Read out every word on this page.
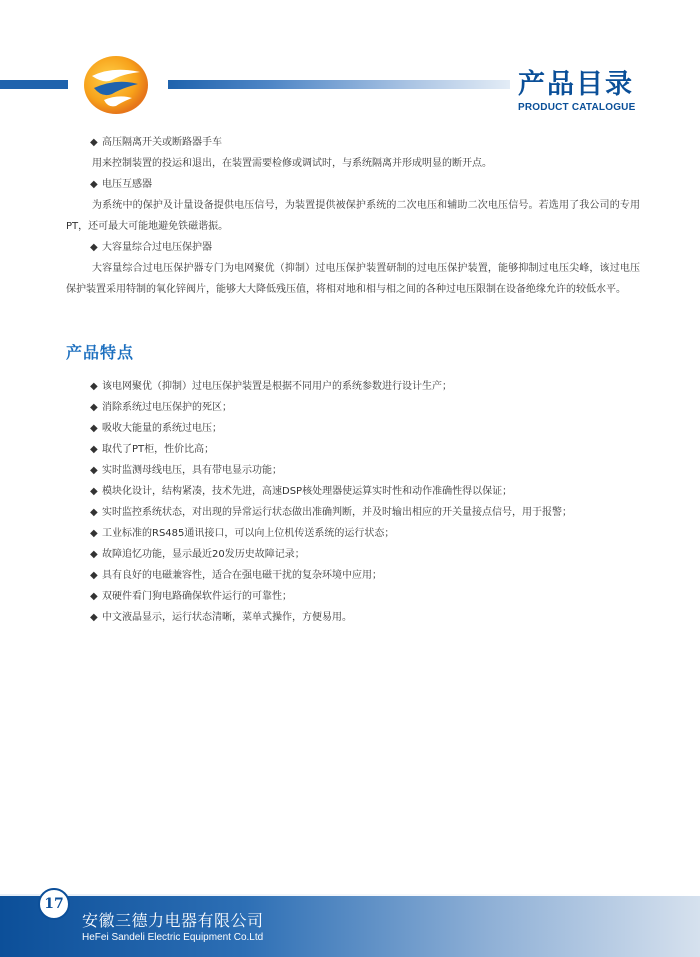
产品目录
PRODUCT CATALOGUE

◆ 高压隔离开关或断路器手车

用来控制装置的投运和退出，在装置需要检修或调试时，与系统隔离并形成明显的断开点。

◆ 电压互感器

为系统中的保护及计量设备提供电压信号，为装置提供被保护系统的二次电压和辅助二次电压信号。若选用了我公司的专用PT，还可最大可能地避免铁磁谐振。

◆ 大容量综合过电压保护器

大容量综合过电压保护器专门为电网聚优（抑制）过电压保护装置研制的过电压保护装置，能够抑制过电压尖峰，该过电压保护装置采用特制的氧化锌阀片，能够大大降低残压值，将相对地和相与相之间的各种过电压限制在设备绝缘允许的较低水平。

产品特点
◆ 该电网聚优（抑制）过电压保护装置是根据不同用户的系统参数进行设计生产；
◆ 消除系统过电压保护的死区；
◆ 吸收大能量的系统过电压；
◆ 取代了PT柜，性价比高；
◆ 实时监测母线电压，具有带电显示功能；
◆ 模块化设计，结构紧凑，技术先进，高速DSP核处理器使运算实时性和动作准确性得以保证；
◆ 实时监控系统状态，对出现的异常运行状态做出准确判断，并及时输出相应的开关量接点信号，用于报警；
◆ 工业标准的RS485通讯接口，可以向上位机传送系统的运行状态；
◆ 故障追忆功能，显示最近20发历史故障记录；
◆ 具有良好的电磁兼容性，适合在强电磁干扰的复杂环境中应用；
◆ 双硬件看门狗电路确保软件运行的可靠性；
◆ 中文液晶显示，运行状态清晰，菜单式操作，方便易用。
17
安徽三德力电器有限公司
HeFei Sandeli Electric Equipment Co.Ltd
